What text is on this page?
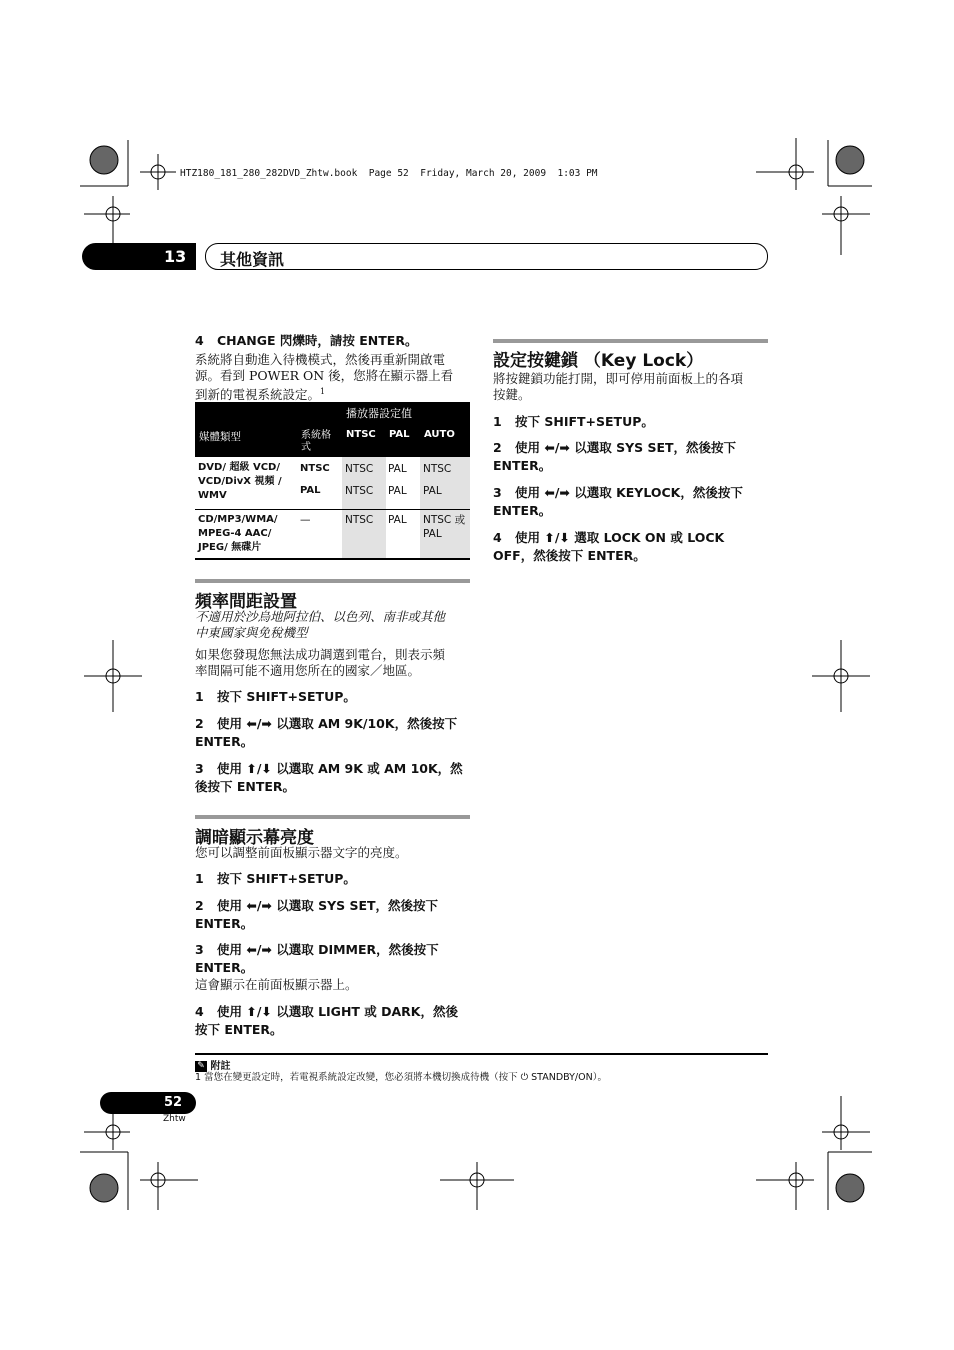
HTZ180_181_280_282DVD_Zhtw.book  Page 52  Friday, March 20, 2009  1:03 PM
13 其他資訊
4 CHANGE 閃爍時，請按 ENTER。
系統將自動進入待機模式，然後再重新開啟電
源。看到 POWER ON 後，您將在顯示器上看
到新的電視系統設定。$^1$
播放器設定值
媒體類型	系統格式
NTSC PAL AUTO
DVD/ 超級 VCD/ VCD/DivX 視頻 / WMV
NTSC NTSC PAL NTSC
PAL NTSC PAL PAL
CD/MP3/WMA/ MPEG-4 AAC/ JPEG/ 無碟片
—	NTSC PAL NTSC 或 PAL
頻率間距設置
不適用於沙烏地阿拉伯、以色列、南非或其他
中東國家與免稅機型
如果您發現您無法成功調選到電台，則表示頻
率間隔可能不適用您所在的國家／地區。
1 按下 SHIFT+SETUP。
2 使用 ⬅/➡ 以選取 AM 9K/10K，然後按下 ENTER。
3 使用 ⬆/⬇ 以選取 AM 9K 或 AM 10K，然後按下 ENTER。
調暗顯示幕亮度
您可以調整前面板顯示器文字的亮度。
1 按下 SHIFT+SETUP。
2 使用 ⬅/➡ 以選取 SYS SET，然後按下 ENTER。
3 使用 ⬅/➡ 以選取 DIMMER，然後按下 ENTER。
這會顯示在前面板顯示器上。
4 使用 ⬆/⬇ 以選取 LIGHT 或 DARK，然後按下 ENTER。
設定按鍵鎖 （Key Lock）
將按鍵鎖功能打開，即可停用前面板上的各項
按鍵。
1 按下 SHIFT+SETUP。
2 使用 ⬅/➡ 以選取 SYS SET，然後按下 ENTER。
3 使用 ⬅/➡ 以選取 KEYLOCK，然後按下 ENTER。
4 使用 ⬆/⬇ 選取 LOCK ON 或 LOCK OFF，然後按下 ENTER。
✎ 附註
1 當您在變更設定時，若電視系統設定改變，您必須將本機切換成待機（按下 ⏻ STANDBY/ON）。
52
Zhtw
